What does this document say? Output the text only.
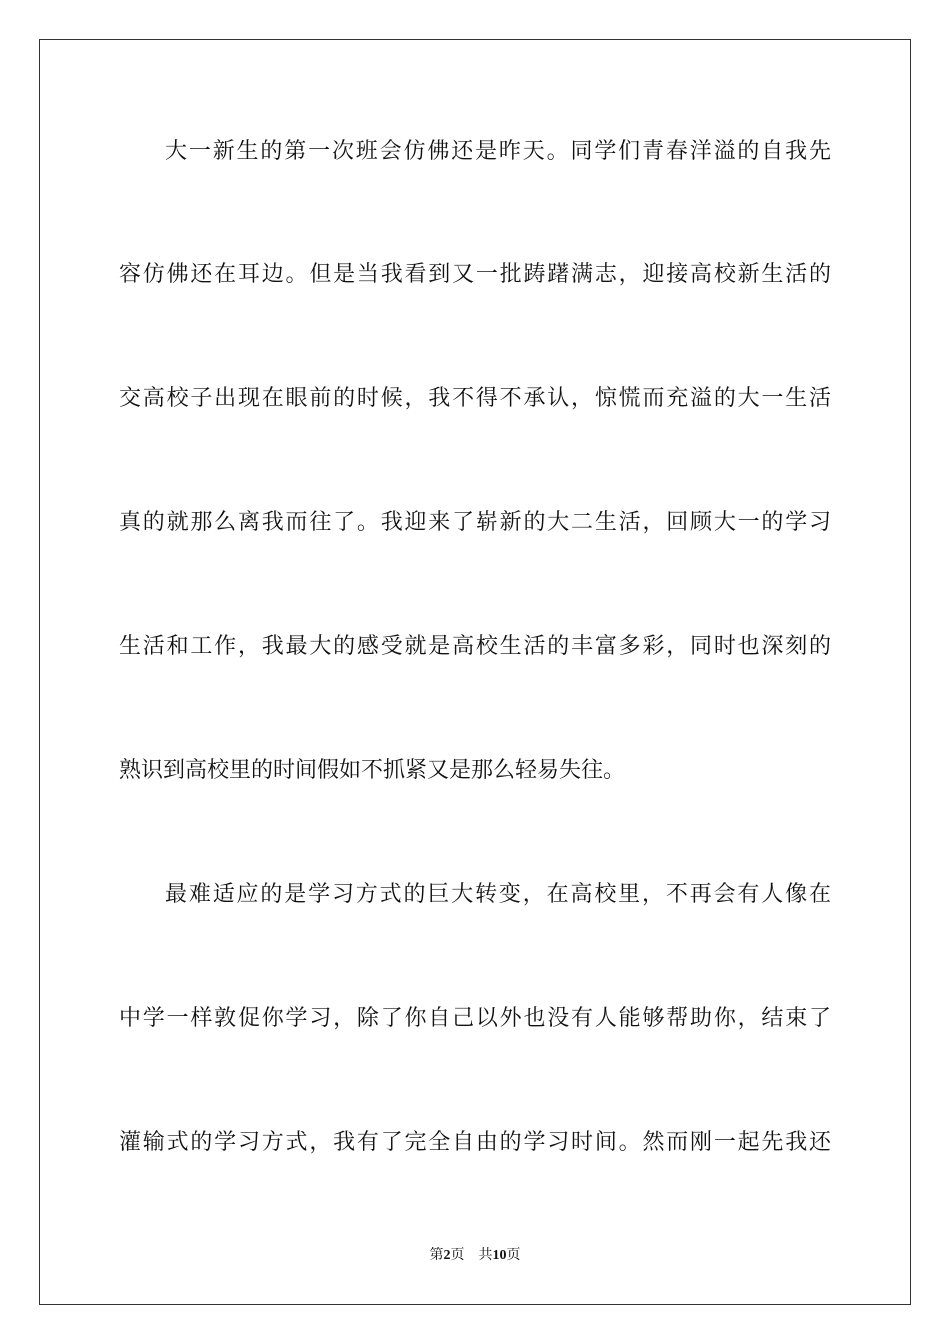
大一新生的第一次班会仿佛还是昨天。同学们青春洋溢的自我先
容仿佛还在耳边。但是当我看到又一批踌躇满志，迎接高校新生活的
交高校子出现在眼前的时候，我不得不承认，惊慌而充溢的大一生活
真的就那么离我而往了。我迎来了崭新的大二生活，回顾大一的学习
生活和工作，我最大的感受就是高校生活的丰富多彩，同时也深刻的
熟识到高校里的时间假如不抓紧又是那么轻易失往。
最难适应的是学习方式的巨大转变，在高校里，不再会有人像在
中学一样敦促你学习，除了你自己以外也没有人能够帮助你，结束了
灌输式的学习方式，我有了完全自由的学习时间。然而刚一起先我还
第2页 共10页
